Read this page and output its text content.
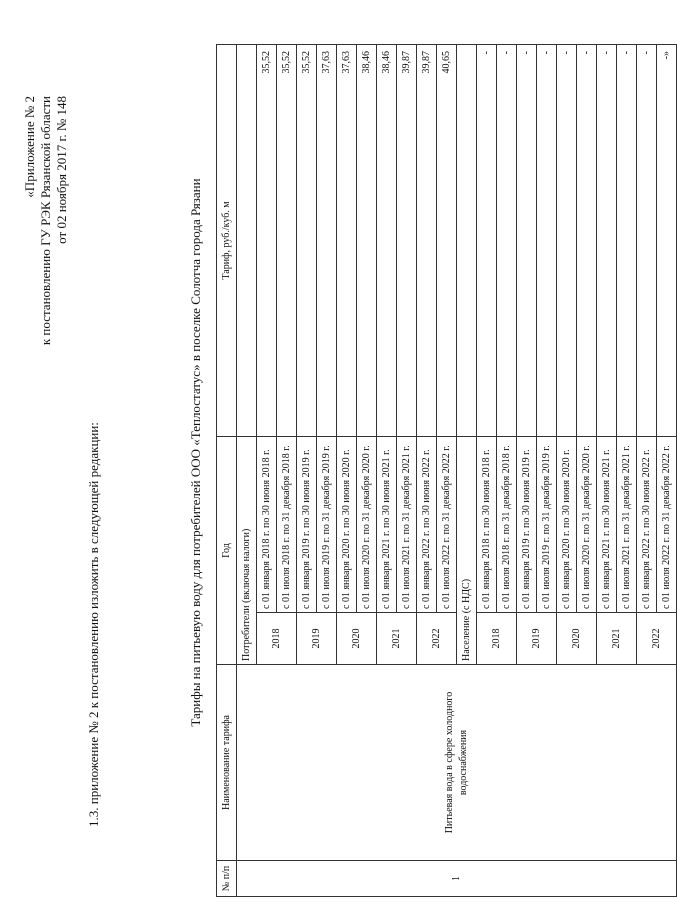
1.3. приложение № 2 к постановлению изложить в следующей редакции:
«Приложение № 2 к постановлению ГУ РЭК Рязанской области от 02 ноября 2017 г. № 148
Тарифы на питьевую воду для потребителей ООО «Теплостатус» в поселке Солотча города Рязани
№ п/п	Наименование тарифа	Год		Тариф, руб./куб. м
1	Питьевая вода в сфере холодного водоснабжения	Потребители (включая налоги)		
		2018	с 01 января 2018 г. по 30 июня 2018 г.	35,52
			с 01 июля 2018 г. по 31 декабря 2018 г.	35,52
		2019	с 01 января 2019 г. по 30 июня 2019 г.	35,52
			с 01 июля 2019 г. по 31 декабря 2019 г.	37,63
		2020	с 01 января 2020 г. по 30 июня 2020 г.	37,63
			с 01 июля 2020 г. по 31 декабря 2020 г.	38,46
		2021	с 01 января 2021 г. по 30 июня 2021 г.	38,46
			с 01 июля 2021 г. по 31 декабря 2021 г.	39,87
		2022	с 01 января 2022 г. по 30 июня 2022 г.	39,87
			с 01 июля 2022 г. по 31 декабря 2022 г.	40,65
		Население (с НДС)		
		2018	с 01 января 2018 г. по 30 июня 2018 г.	-
			с 01 июля 2018 г. по 31 декабря 2018 г.	-
		2019	с 01 января 2019 г. по 30 июня 2019 г.	-
			с 01 июля 2019 г. по 31 декабря 2019 г.	-
		2020	с 01 января 2020 г. по 30 июня 2020 г.	-
			с 01 июля 2020 г. по 31 декабря 2020 г.	-
		2021	с 01 января 2021 г. по 30 июня 2021 г.	-
			с 01 июля 2021 г. по 31 декабря 2021 г.	-
		2022	с 01 января 2022 г. по 30 июня 2022 г.	-
			с 01 июля 2022 г. по 31 декабря 2022 г.	-»
